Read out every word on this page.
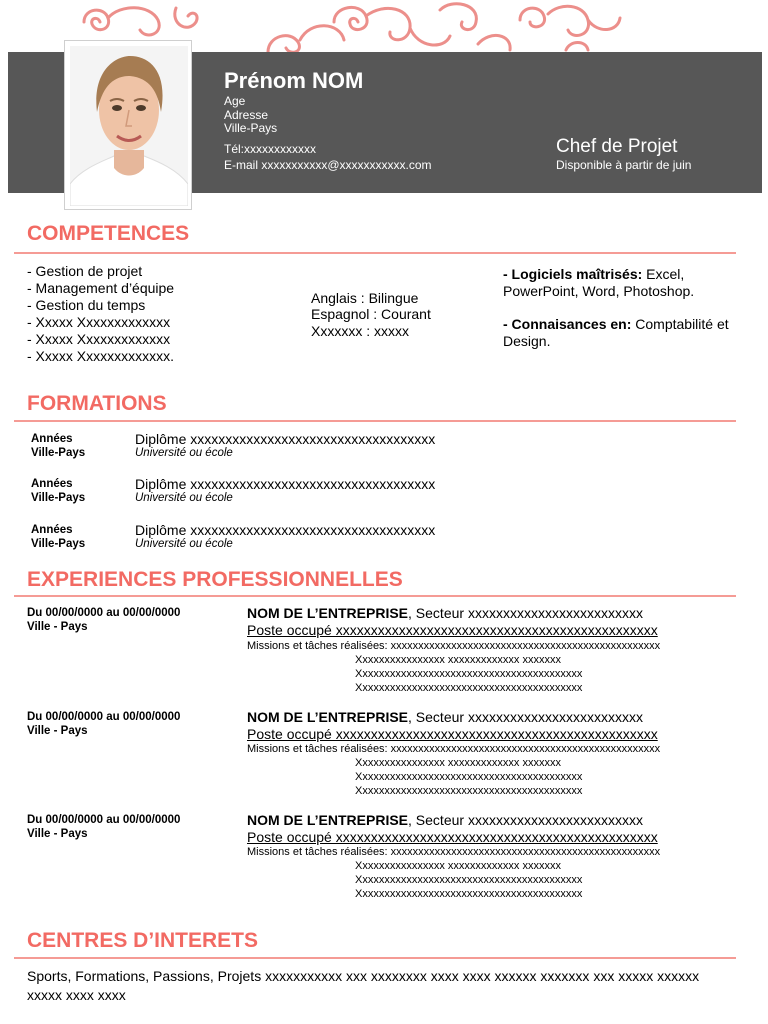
Prénom NOM
Age
Adresse
Ville-Pays
Tél:xxxxxxxxxxxx
E-mail xxxxxxxxxxx@xxxxxxxxxxx.com
Chef de Projet
Disponible à partir de juin
COMPETENCES
- Gestion de projet
- Management d’équipe
- Gestion du temps
- Xxxxx Xxxxxxxxxxxxx
- Xxxxx Xxxxxxxxxxxxx
- Xxxxx Xxxxxxxxxxxxx.
Anglais : Bilingue
Espagnol : Courant
Xxxxxxx : xxxxx
- Logiciels maîtrisés: Excel, PowerPoint, Word, Photoshop.
- Connaisances en: Comptabilité et Design.
FORMATIONS
Années
Ville-Pays
Diplôme xxxxxxxxxxxxxxxxxxxxxxxxxxxxxxxxxxx
Université ou école
Années
Ville-Pays
Diplôme xxxxxxxxxxxxxxxxxxxxxxxxxxxxxxxxxxx
Université ou école
Années
Ville-Pays
Diplôme xxxxxxxxxxxxxxxxxxxxxxxxxxxxxxxxxxx
Université ou école
EXPERIENCES PROFESSIONNELLES
Du 00/00/0000 au 00/00/0000
Ville - Pays
NOM DE L’ENTREPRISE, Secteur xxxxxxxxxxxxxxxxxxxxxxxxx
Poste occupé xxxxxxxxxxxxxxxxxxxxxxxxxxxxxxxxxxxxxxxxxxxxxx
Missions et tâches réalisées: xxxxxxxxxxxxxxxxxxxxxxxxxxxxxxxxxxxxxxxxxxxxxxxxx
Xxxxxxxxxxxxxxxx xxxxxxxxxxxxx xxxxxxx
Xxxxxxxxxxxxxxxxxxxxxxxxxxxxxxxxxxxxxxxxx
Xxxxxxxxxxxxxxxxxxxxxxxxxxxxxxxxxxxxxxxxx
Du 00/00/0000 au 00/00/0000
Ville - Pays
NOM DE L’ENTREPRISE, Secteur xxxxxxxxxxxxxxxxxxxxxxxxx
Poste occupé xxxxxxxxxxxxxxxxxxxxxxxxxxxxxxxxxxxxxxxxxxxxxx
Missions et tâches réalisées: xxxxxxxxxxxxxxxxxxxxxxxxxxxxxxxxxxxxxxxxxxxxxxxxx
Xxxxxxxxxxxxxxxx xxxxxxxxxxxxx xxxxxxx
Xxxxxxxxxxxxxxxxxxxxxxxxxxxxxxxxxxxxxxxxx
Xxxxxxxxxxxxxxxxxxxxxxxxxxxxxxxxxxxxxxxxx
Du 00/00/0000 au 00/00/0000
Ville - Pays
NOM DE L’ENTREPRISE, Secteur xxxxxxxxxxxxxxxxxxxxxxxxx
Poste occupé xxxxxxxxxxxxxxxxxxxxxxxxxxxxxxxxxxxxxxxxxxxxxx
Missions et tâches réalisées: xxxxxxxxxxxxxxxxxxxxxxxxxxxxxxxxxxxxxxxxxxxxxxxxx
Xxxxxxxxxxxxxxxx xxxxxxxxxxxxx xxxxxxx
Xxxxxxxxxxxxxxxxxxxxxxxxxxxxxxxxxxxxxxxxx
Xxxxxxxxxxxxxxxxxxxxxxxxxxxxxxxxxxxxxxxxx
CENTRES D’INTERETS
Sports, Formations, Passions, Projets xxxxxxxxxxx xxx xxxxxxxx xxxx xxxx xxxxxx xxxxxxx xxx xxxxx xxxxxx xxxxx xxxx xxxx
